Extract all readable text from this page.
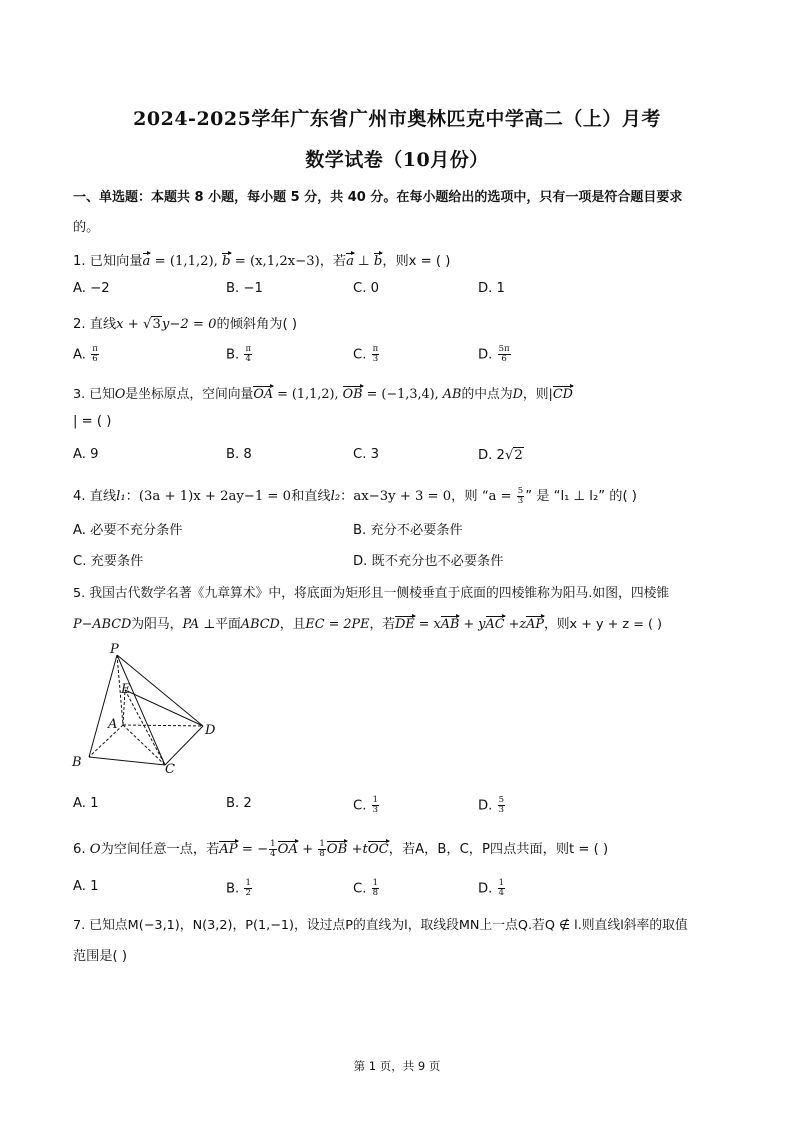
2024-2025学年广东省广州市奥林匹克中学高二（上）月考
数学试卷（10月份）
一、单选题：本题共 8 小题，每小题 5 分，共 40 分。在每小题给出的选项中，只有一项是符合题目要求
的。
1. 已知向量a = (1,1,2), b = (x,1,2x−3)，若a ⊥ b，则x = ( )
A. −2	B. −1	C. 0	D. 1
2. 直线x + √3y−2 = 0的倾斜角为( )
A. $\frac{\pi}{6}$	B. $\frac{\pi}{4}$	C. $\frac{\pi}{3}$	D. $\frac{5\pi}{6}$
3. 已知O是坐标原点，空间向量OA = (1,1,2), OB = (−1,3,4), AB的中点为D，则|CD
| = ( )
A. 9	B. 8	C. 3	D. 2√2
4. 直线l₁：(3a + 1)x + 2ay−1 = 0和直线l₂：ax−3y + 3 = 0，则 “$a = \frac{5}{3}$ ” 是 “l₁ ⊥ l₂” 的( )
A. 必要不充分条件	B. 充分不必要条件
C. 充要条件	D. 既不充分也不必要条件
5. 我国古代数学名著《九章算术》中，将底面为矩形且一侧棱垂直于底面的四棱锥称为阳马.如图，四棱锥
P−ABCD为阳马，PA ⊥平面ABCD，且EC = 2PE，若DE = xAB + yAC +zAP，则x + y + z = ( )
P
E
A	D
B	C
A. 1	B. 2	C. $\frac{1}{3}$	D. $\frac{5}{3}$
6. O为空间任意一点，若AP = − $\frac{1}{4}$ OA + $\frac{1}{8}$ OB +tOC，若A，B，C，P四点共面，则t = ( )
A. 1	B. $\frac{1}{2}$	C. $\frac{1}{8}$	D. $\frac{1}{4}$
7. 已知点M(−3,1)，N(3,2)，P(1,−1)，设过点P的直线为l，取线段MN上一点Q.若Q ∉ l.则直线l斜率的取值
范围是( )
第 1 页，共 9 页
